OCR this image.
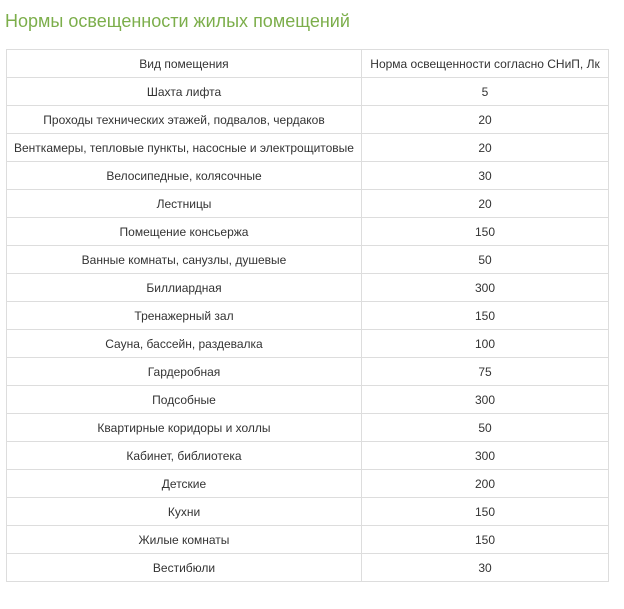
Нормы освещенности жилых помещений
Вид помещения	Норма освещенности согласно СНиП, Лк
Шахта лифта	5
Проходы технических этажей, подвалов, чердаков	20
Венткамеры, тепловые пункты, насосные и электрощитовые	20
Велосипедные, колясочные	30
Лестницы	20
Помещение консьержа	150
Ванные комнаты, санузлы, душевые	50
Биллиардная	300
Тренажерный зал	150
Сауна, бассейн, раздевалка	100
Гардеробная	75
Подсобные	300
Квартирные коридоры и холлы	50
Кабинет, библиотека	300
Детские	200
Кухни	150
Жилые комнаты	150
Вестибюли	30
